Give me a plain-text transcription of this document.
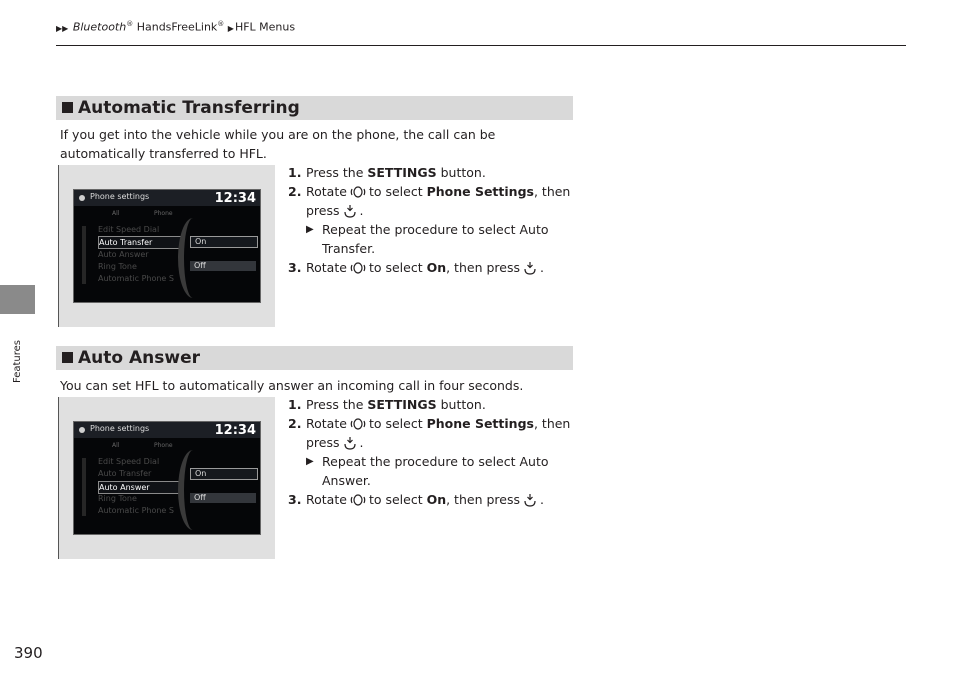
▶▶ Bluetooth® HandsFreeLink® ▶HFL Menus
Features
390
Automatic Transferring
If you get into the vehicle while you are on the phone, the call can be automatically transferred to HFL.
Phone settings	12:34
All	Phone
Edit Speed Dial
Auto Transfer
Auto Answer
Ring Tone
Automatic Phone S
On
Off
1. Press the SETTINGS button.
2. Rotate to select Phone Settings, then press .
▶ Repeat the procedure to select Auto Transfer.
3. Rotate to select On, then press .
Auto Answer
You can set HFL to automatically answer an incoming call in four seconds.
Phone settings	12:34
All	Phone
Edit Speed Dial
Auto Transfer
Auto Answer
Ring Tone
Automatic Phone S
On
Off
1. Press the SETTINGS button.
2. Rotate to select Phone Settings, then press .
▶ Repeat the procedure to select Auto Answer.
3. Rotate to select On, then press .
